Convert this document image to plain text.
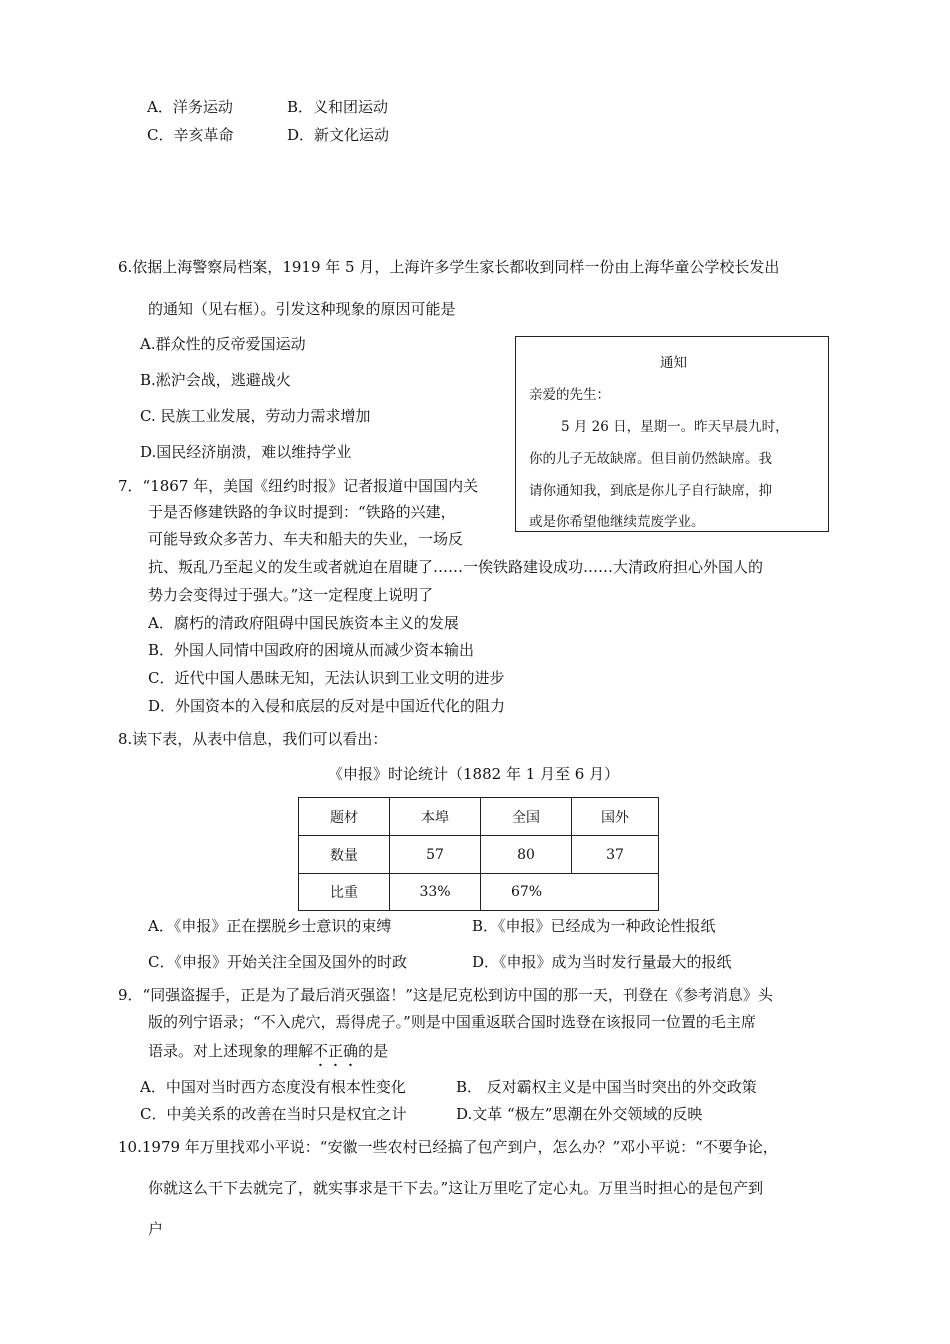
A．洋务运动	B．义和团运动
C．辛亥革命	D．新文化运动
6.依据上海警察局档案，1919 年 5 月，上海许多学生家长都收到同样一份由上海华童公学校长发出
的通知（见右框）。引发这种现象的原因可能是
A.群众性的反帝爱国运动
B.淞沪会战，逃避战火
C. 民族工业发展，劳动力需求增加
D.国民经济崩溃，难以维持学业
通知
亲爱的先生：
5 月 26 日，星期一。昨天早晨九时，
你的儿子无故缺席。但目前仍然缺席。我
请你通知我，到底是你儿子自行缺席，抑
或是你希望他继续荒废学业。
7．“1867 年，美国《纽约时报》记者报道中国国内关
于是否修建铁路的争议时提到：“铁路的兴建，
可能导致众多苦力、车夫和船夫的失业，一场反
抗、叛乱乃至起义的发生或者就迫在眉睫了……一俟铁路建设成功……大清政府担心外国人的
势力会变得过于强大。”这一定程度上说明了
A．腐朽的清政府阻碍中国民族资本主义的发展
B．外国人同情中国政府的困境从而减少资本输出
C．近代中国人愚昧无知，无法认识到工业文明的进步
D．外国资本的入侵和底层的反对是中国近代化的阻力
8.读下表，从表中信息，我们可以看出：
《申报》时论统计（1882 年 1 月至 6 月）
题材	本埠	全国	国外
数量	57	80	37
比重	33%	67%	
A．《申报》正在摆脱乡士意识的束缚	B．《申报》已经成为一种政论性报纸
C．《申报》开始关注全国及国外的时政	D．《申报》成为当时发行量最大的报纸
9．“同强盗握手，正是为了最后消灭强盗！”这是尼克松到访中国的那一天，刊登在《参考消息》头
版的列宁语录；“不入虎穴，焉得虎子。”则是中国重返联合国时选登在该报同一位置的毛主席
语录。对上述现象的理解不正确的是
A．中国对当时西方态度没有根本性变化	B． 反对霸权主义是中国当时突出的外交政策
C．中美关系的改善在当时只是权宜之计	D.文革 “极左”思潮在外交领域的反映
10.1979 年万里找邓小平说：“安徽一些农村已经搞了包产到户，怎么办？”邓小平说：“不要争论，
你就这么干下去就完了，就实事求是干下去。”这让万里吃了定心丸。万里当时担心的是包产到
户
